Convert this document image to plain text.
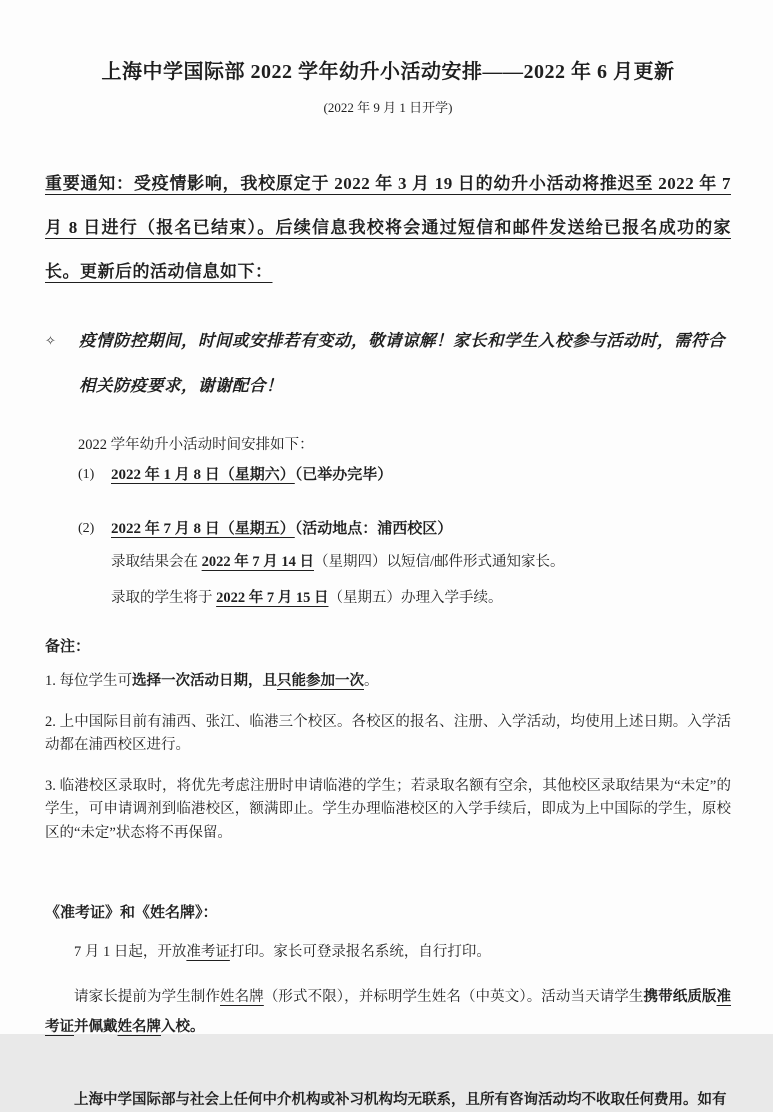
上海中学国际部 2022 学年幼升小活动安排——2022 年 6 月更新
(2022 年 9 月 1 日开学)

重要通知：受疫情影响，我校原定于 2022 年 3 月 19 日的幼升小活动将推迟至 2022 年 7 月 8 日进行（报名已结束）。后续信息我校将会通过短信和邮件发送给已报名成功的家长。更新后的活动信息如下：

✧	疫情防控期间，时间或安排若有变动，敬请谅解！家长和学生入校参与活动时，需符合相关防疫要求，谢谢配合！

2022 学年幼升小活动时间安排如下：

(1)	2022 年 1 月 8 日（星期六）（已举办完毕）
(2)	2022 年 7 月 8 日（星期五）（活动地点：浦西校区）

录取结果会在 2022 年 7 月 14 日（星期四）以短信/邮件形式通知家长。

录取的学生将于 2022 年 7 月 15 日（星期五）办理入学手续。

备注：

1. 每位学生可选择一次活动日期，且只能参加一次。

2. 上中国际目前有浦西、张江、临港三个校区。各校区的报名、注册、入学活动，均使用上述日期。入学活动都在浦西校区进行。

3. 临港校区录取时，将优先考虑注册时申请临港的学生；若录取名额有空余，其他校区录取结果为“未定”的学生，可申请调剂到临港校区，额满即止。学生办理临港校区的入学手续后，即成为上中国际的学生，原校区的“未定”状态将不再保留。

《准考证》和《姓名牌》：

7 月 1 日起，开放准考证打印。家长可登录报名系统，自行打印。

请家长提前为学生制作姓名牌（形式不限），并标明学生姓名（中英文）。活动当天请学生携带纸质版准考证并佩戴姓名牌入校。

上海中学国际部与社会上任何中介机构或补习机构均无联系，且所有咨询活动均不收取任何费用。如有
